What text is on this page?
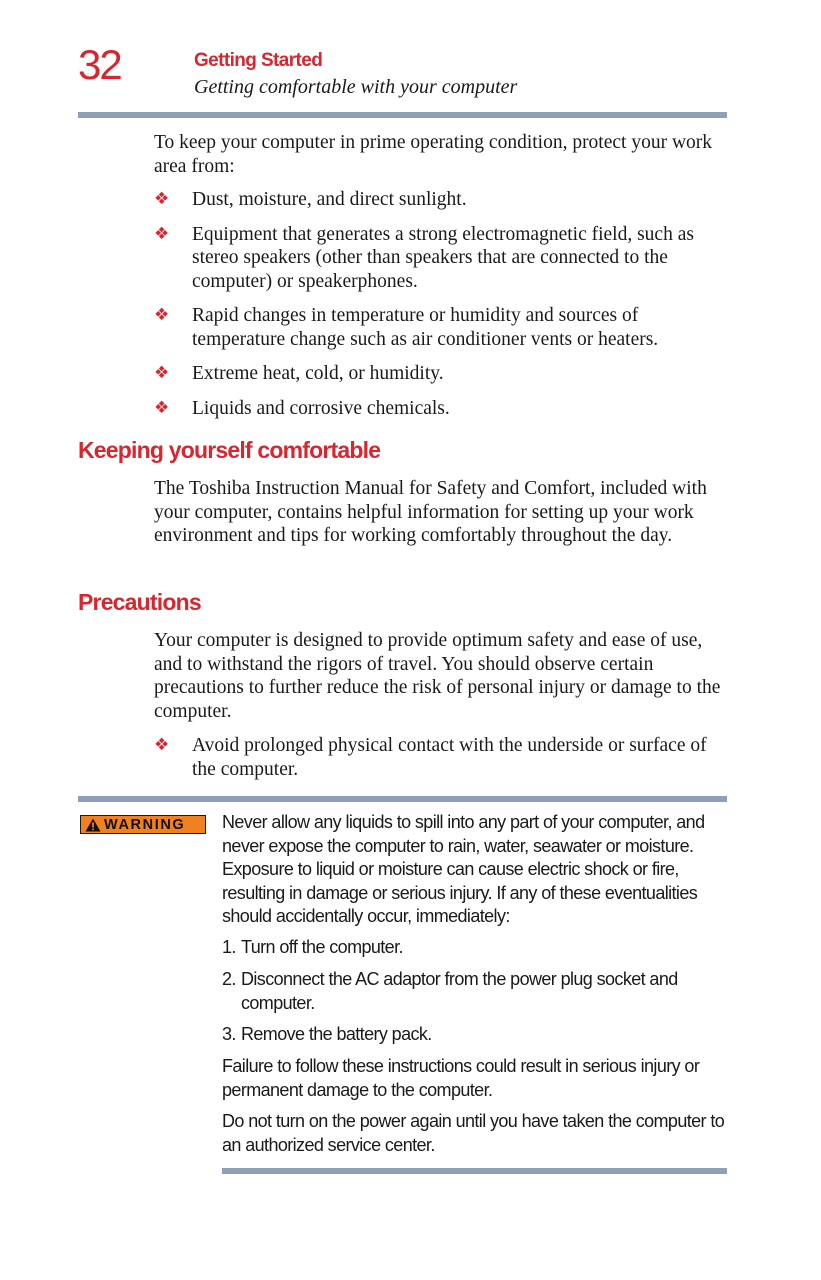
32	Getting Started
Getting comfortable with your computer

To keep your computer in prime operating condition, protect your work area from:

❖ Dust, moisture, and direct sunlight.
❖ Equipment that generates a strong electromagnetic field, such as stereo speakers (other than speakers that are connected to the computer) or speakerphones.
❖ Rapid changes in temperature or humidity and sources of temperature change such as air conditioner vents or heaters.
❖ Extreme heat, cold, or humidity.
❖ Liquids and corrosive chemicals.
Keeping yourself comfortable

The Toshiba Instruction Manual for Safety and Comfort, included with your computer, contains helpful information for setting up your work environment and tips for working comfortably throughout the day.

Precautions

Your computer is designed to provide optimum safety and ease of use, and to withstand the rigors of travel. You should observe certain precautions to further reduce the risk of personal injury or damage to the computer.

❖ Avoid prolonged physical contact with the underside or surface of the computer.
WARNING Never allow any liquids to spill into any part of your computer, and never expose the computer to rain, water, seawater or moisture. Exposure to liquid or moisture can cause electric shock or fire, resulting in damage or serious injury. If any of these eventualities should accidentally occur, immediately:

1. Turn off the computer.
2. Disconnect the AC adaptor from the power plug socket and computer.
3. Remove the battery pack.

Failure to follow these instructions could result in serious injury or permanent damage to the computer.

Do not turn on the power again until you have taken the computer to an authorized service center.
